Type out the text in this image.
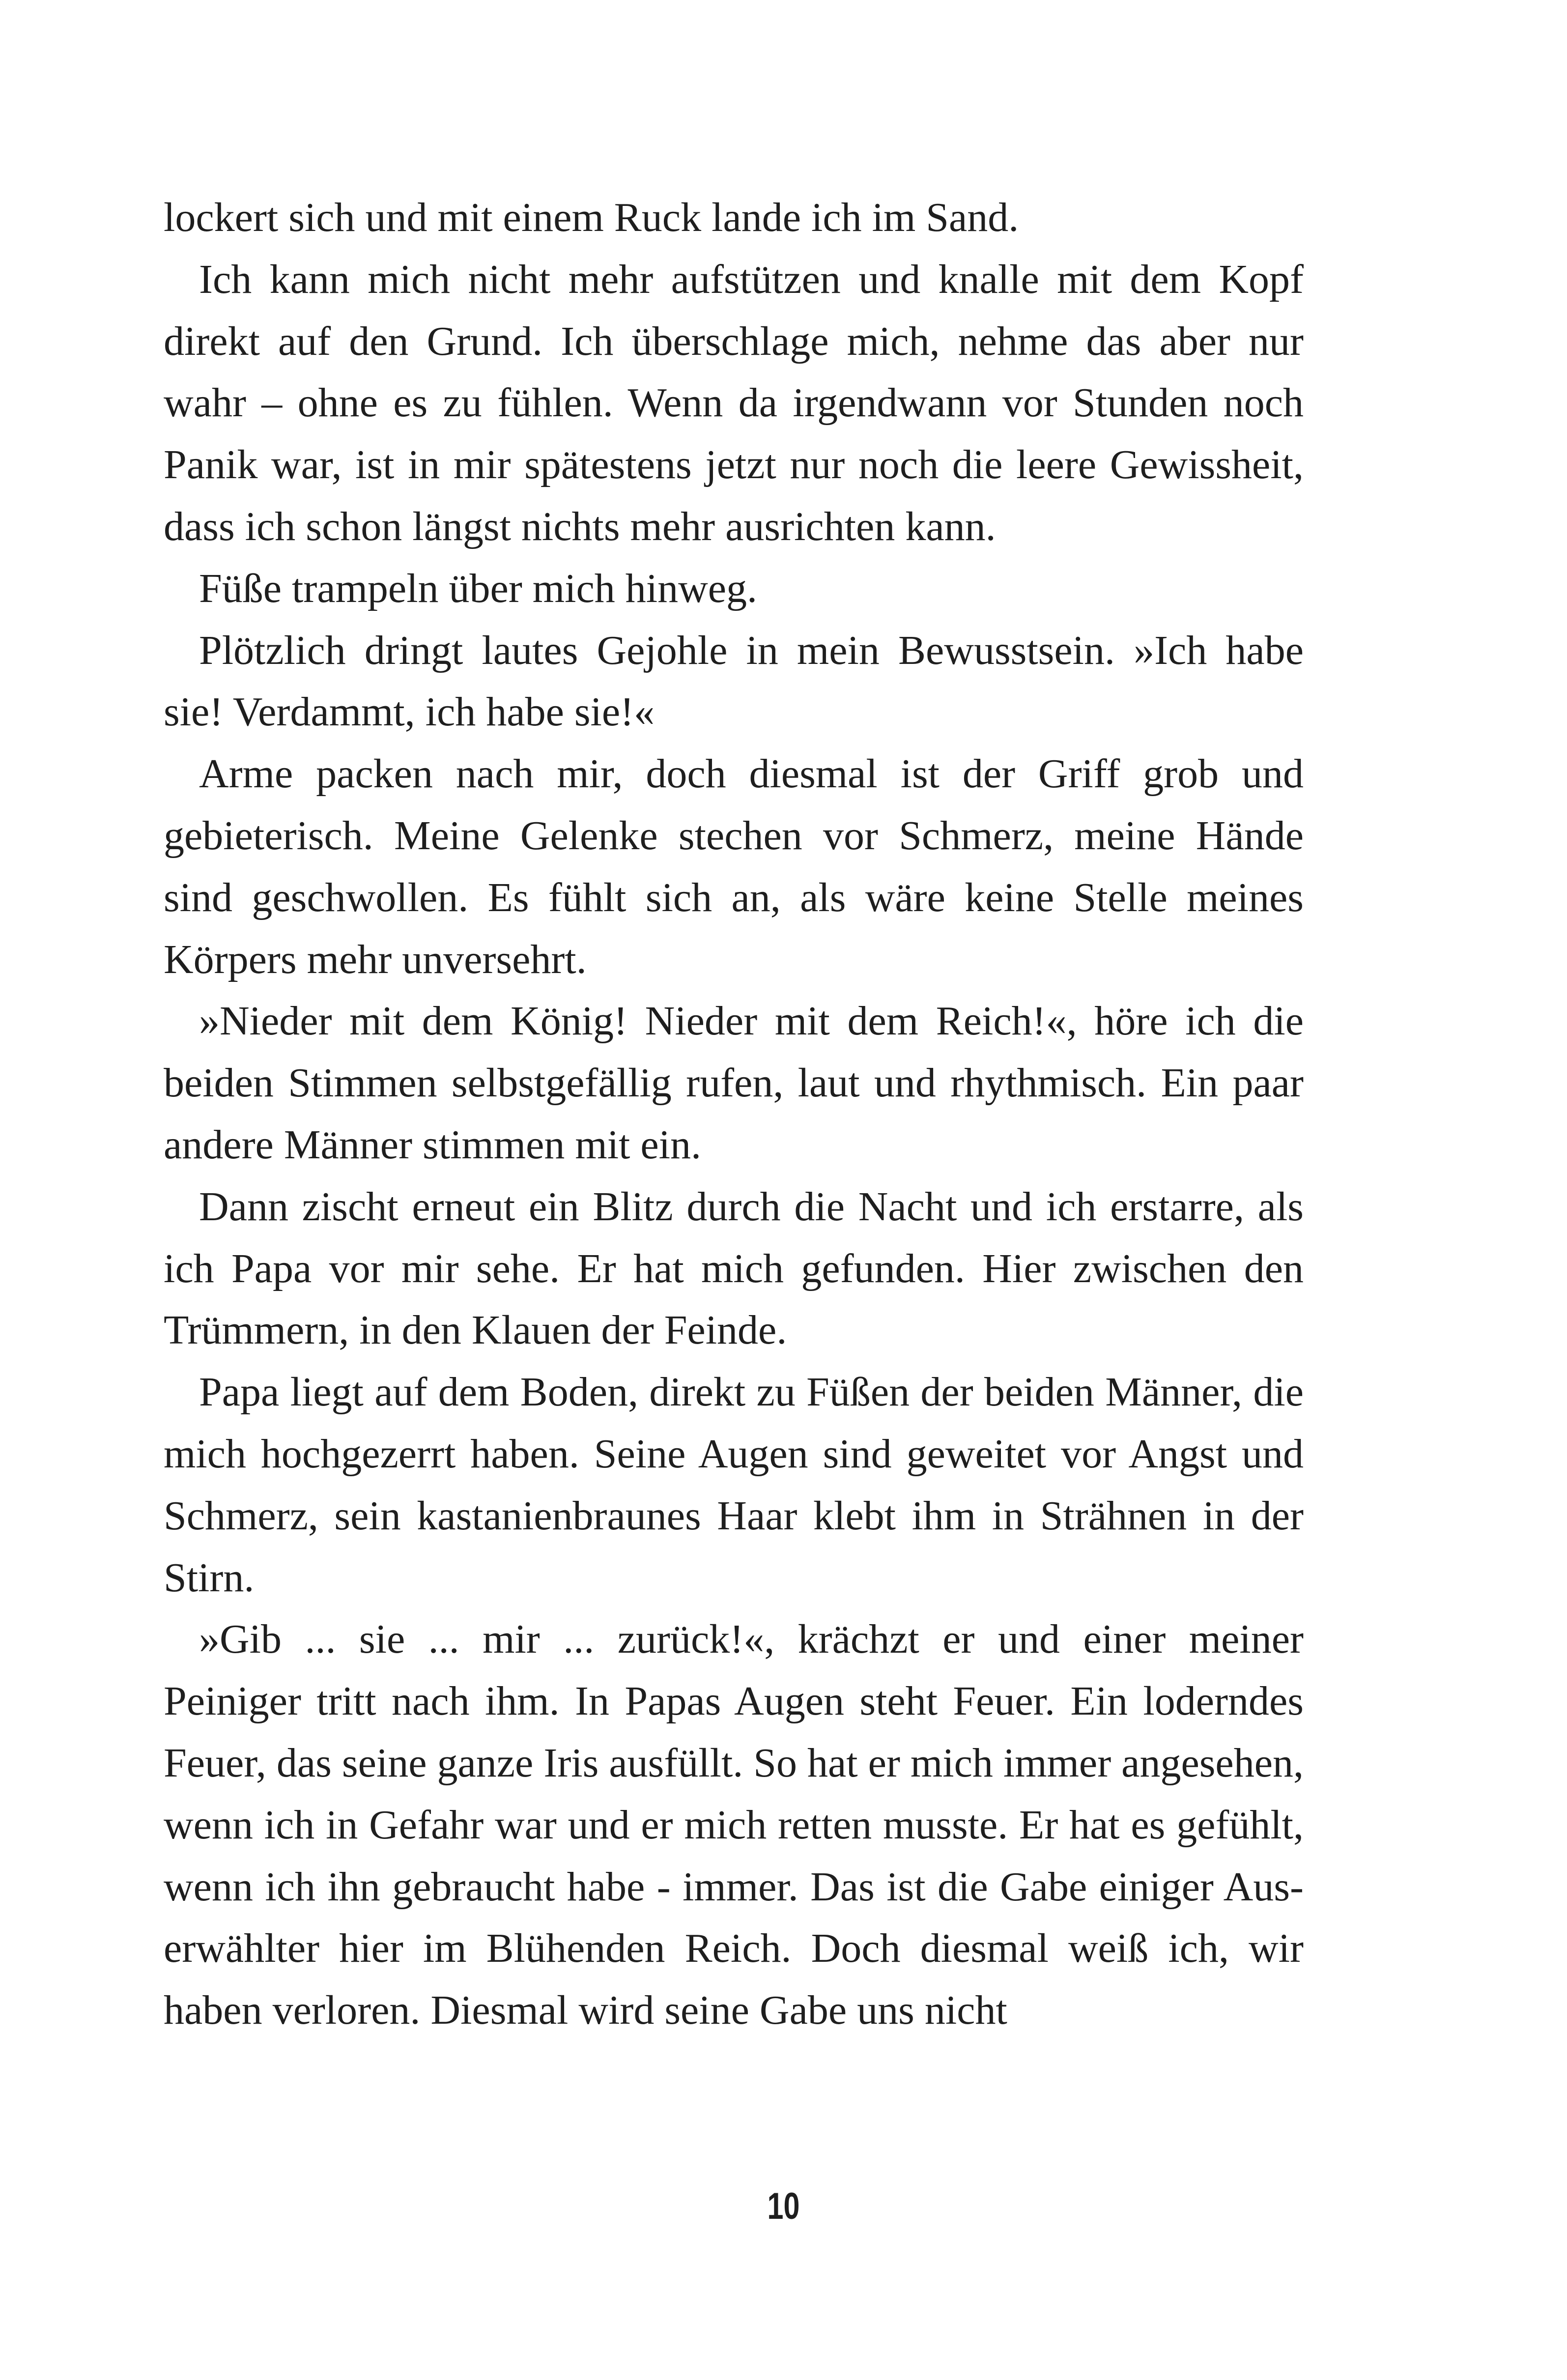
lockert sich und mit einem Ruck lande ich im Sand.

Ich kann mich nicht mehr aufstützen und knalle mit dem Kopf direkt auf den Grund. Ich überschlage mich, nehme das aber nur wahr – ohne es zu fühlen. Wenn da irgendwann vor Stunden noch Panik war, ist in mir spätestens jetzt nur noch die leere Gewissheit, dass ich schon längst nichts mehr ausrichten kann.

Füße trampeln über mich hinweg.

Plötzlich dringt lautes Gejohle in mein Bewusstsein. »Ich habe sie! Verdammt, ich habe sie!«

Arme packen nach mir, doch diesmal ist der Griff grob und gebieterisch. Meine Gelenke stechen vor Schmerz, meine Hände sind geschwollen. Es fühlt sich an, als wäre keine Stelle meines Körpers mehr unversehrt.

»Nieder mit dem König! Nieder mit dem Reich!«, höre ich die beiden Stimmen selbstgefällig rufen, laut und rhythmisch. Ein paar andere Männer stimmen mit ein.

Dann zischt erneut ein Blitz durch die Nacht und ich erstarre, als ich Papa vor mir sehe. Er hat mich gefunden. Hier zwischen den Trümmern, in den Klauen der Feinde.

Papa liegt auf dem Boden, direkt zu Füßen der beiden Männer, die mich hochgezerrt haben. Seine Augen sind geweitet vor Angst und Schmerz, sein kastanienbraunes Haar klebt ihm in Strähnen in der Stirn.

»Gib ... sie ... mir ... zurück!«, krächzt er und einer meiner Peiniger tritt nach ihm. In Papas Augen steht Feuer. Ein loderndes Feuer, das seine ganze Iris ausfüllt. So hat er mich immer angesehen, wenn ich in Gefahr war und er mich retten musste. Er hat es gefühlt, wenn ich ihn gebraucht habe - immer. Das ist die Gabe einiger Auserwählter hier im Blühenden Reich. Doch diesmal weiß ich, wir haben verloren. Diesmal wird seine Gabe uns nicht

10
